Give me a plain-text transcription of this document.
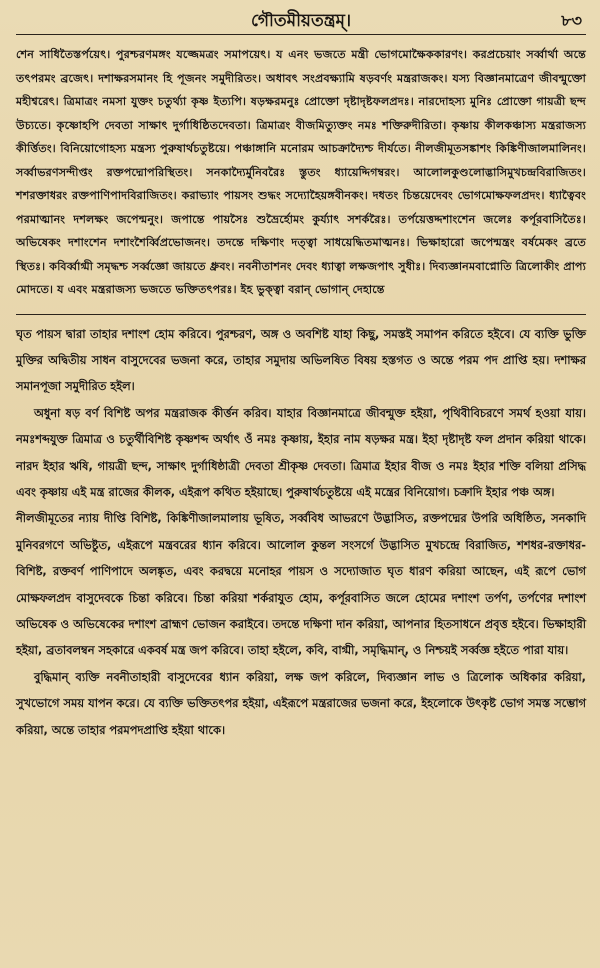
গৌতমীয়তন্ত্রম্।	৮৩

শেন সাধিতৈস্তর্পয়েৎ। পুরশ্চরণমঙ্গং যজ্জেমত্রং সমাপয়েৎ। য এনং ভজতে মন্ত্রী ভোগমোক্ষৈককারণং। করপ্রচেয়াং সর্ব্বার্থা অন্তে তৎপরমং ব্রজেৎ। দশাক্ষরসমানং হি পূজনং সমুদীরিতং। অধাবৎ সংপ্রবক্ষ্যামি ষড়বর্ণং মন্ত্ররাজকং। যস্য বিজ্ঞানমাত্রেণ জীবন্মুক্তো মহীশ্বরেৎ। ত্রিমাত্রং নমসা যুক্তং চতুর্থ্যা কৃষ্ণ ইত্যপি। ষড়ক্ষরমনুঃ প্রোক্তো দৃষ্টাদৃষ্টফলপ্রদঃ। নারদোহস্য মুনিঃ প্রোক্তো গায়ত্রী ছন্দ উচ্যতে। কৃষ্ণোহপি দেবতা সাক্ষাৎ দুর্গাধিষ্ঠিতদেবতা। ত্রিমাত্রং বীজমিত্যুক্তং নমঃ শক্তিরুদীরিতা। কৃষ্ণায় কীলকঞ্চাস্য মন্ত্ররাজস্য কীর্ত্তিতং। বিনিয়োগোহস্য মন্ত্রস্য পুরুষার্থচতুষ্টয়ে। পঞ্চাঙ্গানি মনোরম আচক্রাদ্যৈশ্চ দীর্যতে। নীলজীমূতসঙ্কাশং কিঙ্কিণীজালমালিনং। সর্ব্বাভরণসন্দীপ্তং রক্তপদ্মোপরিস্থিতং। সনকাদ্যৈর্মুনিবরৈঃ স্তুতং ধ্যায়েদ্দিগম্বরং। আলোলকুণ্ডলোদ্ভাসিমুখচন্দ্রবিরাজিতং। শশরক্তাধরং রক্তপাণিপাদবিরাজিতং। করাভ্যাং পায়সং শুদ্ধং সদ্যোহৈয়ঙ্গবীনকং। দধতং চিন্তয়েদেবং ভোগমোক্ষফলপ্রদং। ধ্যাত্বৈবং পরমাত্মানং দশলক্ষং জপেন্মনুং। জপান্তে পায়সৈঃ শুভ্রৈর্হোমং কুর্য্যাৎ সশর্করৈঃ। তর্পয়েত্তদ্দশাংশেন জলেঃ কর্পূরবাসিতৈঃ। অভিষেকং দশাংশেন দশাংশৈর্ব্বিপ্রভোজনং। তদন্তে দক্ষিণাং দত্ত্বা সাধয়েদ্ধিতমাত্মনঃ। ভিক্ষাহারো জপেন্মন্ত্রং বর্ষমেকং ব্রতে স্থিতঃ। কবির্ব্বাগ্মী সমৃদ্ধশ্চ সর্ব্বজ্ঞো জায়তে ধ্রুবং। নবনীতাশনং দেবং ধ্যাত্বা লক্ষজপাৎ সুধীঃ। দিব্যজ্ঞানমবাপ্নোতি ত্রিলোকীং প্রাপ্য মোদতে। য এবং মন্ত্ররাজস্য ভজতে ভক্তিতৎপরঃ। ইহ ভুক্ত্বা বরান্ ভোগান্ দেহান্তে

ঘৃত পায়স দ্বারা তাহার দশাংশ হোম করিবে। পুরশ্চরণ, অঙ্গ ও অবশিষ্ট যাহা কিছু, সমস্তই সমাপন করিতে হইবে। যে ব্যক্তি ভুক্তি মুক্তির অদ্বিতীয় সাধন বাসুদেবের ভজনা করে, তাহার সমুদায় অভিলষিত বিষয় হস্তগত ও অন্তে পরম পদ প্রাপ্তি হয়। দশাক্ষর সমানপূজা সমুদীরিত হইল।

অধুনা ষড় বর্ণ বিশিষ্ট অপর মন্ত্ররাজক কীর্ত্তন করিব। যাহার বিজ্ঞানমাত্রে জীবন্মুক্ত হইয়া, পৃথিবীবিচরণে সমর্থ হওয়া যায়। নমঃশব্দযুক্ত ত্রিমাত্র ও চতুর্থীবিশিষ্ট কৃষ্ণশব্দ অর্থাৎ ওঁ নমঃ কৃষ্ণায়, ইহার নাম ষড়ক্ষর মন্ত্র। ইহা দৃষ্টাদৃষ্ট ফল প্রদান করিয়া থাকে। নারদ ইহার ঋষি, গায়ত্রী ছন্দ, সাক্ষাৎ দুর্গাধিষ্ঠাত্রী দেবতা শ্রীকৃষ্ণ দেবতা। ত্রিমাত্র ইহার বীজ ও নমঃ ইহার শক্তি বলিয়া প্রসিদ্ধ এবং কৃষ্ণায় এই মন্ত্র রাজের কীলক, এইরূপ কথিত হইয়াছে। পুরুষার্থচতুষ্টয়ে এই মন্ত্রের বিনিয়োগ। চক্রাদি ইহার পঞ্চ অঙ্গ।

নীলজীমূতের ন্যায় দীপ্তি বিশিষ্ট, কিঙ্কিণীজালমালায় ভূষিত, সর্ব্ববিধ আভরণে উদ্ভাসিত, রক্তপদ্মের উপরি অধিষ্ঠিত, সনকাদি মুনিবরগণে অভিষ্টুত, এইরূপে মন্ত্রবরের ধ্যান করিবে। আলোল কুন্তল সংসর্গে উদ্ভাসিত মুখচন্দ্রে বিরাজিত, শশধর-রক্তাধর-বিশিষ্ট, রক্তবর্ণ পাণিপাদে অলঙ্কৃত, এবং করদ্বয়ে মনোহর পায়স ও সদ্যোজাত ঘৃত ধারণ করিয়া আছেন, এই রূপে ভোগ মোক্ষফলপ্রদ বাসুদেবকে চিন্তা করিবে। চিন্তা করিয়া শর্করাযুত হোম, কর্পূরবাসিত জলে হোমের দশাংশ তর্পণ, তর্পণের দশাংশ অভিষেক ও অভিষেকের দশাংশ ব্রাহ্মণ ভোজন করাইবে। তদন্তে দক্ষিণা দান করিয়া, আপনার হিতসাধনে প্রবৃত্ত হইবে। ভিক্ষাহারী হইয়া, ব্রতাবলম্বন সহকারে একবর্ষ মন্ত্র জপ করিবে। তাহা হইলে, কবি, বাগ্মী, সমৃদ্ধিমান্, ও নিশ্চয়ই সর্ব্বজ্ঞ হইতে পারা যায়।

বুদ্ধিমান্ ব্যক্তি নবনীতাহারী বাসুদেবের ধ্যান করিয়া, লক্ষ জপ করিলে, দিব্যজ্ঞান লাভ ও ত্রিলোক অধিকার করিয়া, সুখভোগে সময় যাপন করে। যে ব্যক্তি ভক্তিতৎপর হইয়া, এইরূপে মন্ত্ররাজের ভজনা করে, ইহলোকে উৎকৃষ্ট ভোগ সমস্ত সম্ভোগ করিয়া, অন্তে তাহার পরমপদপ্রাপ্তি হইয়া থাকে।
